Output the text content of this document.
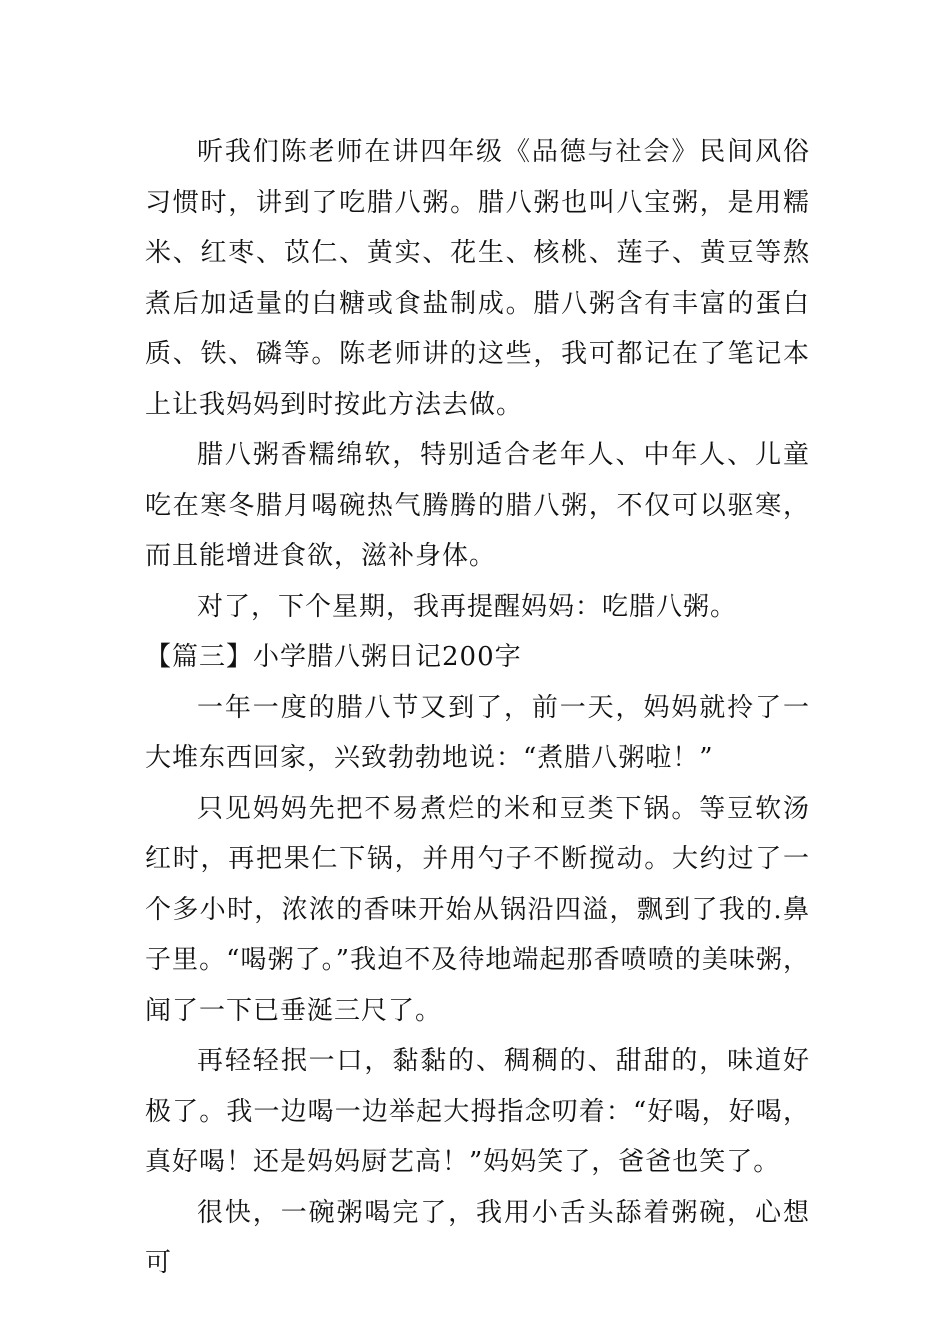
听我们陈老师在讲四年级《品德与社会》民间风俗习惯时，讲到了吃腊八粥。腊八粥也叫八宝粥，是用糯米、红枣、苡仁、黄实、花生、核桃、莲子、黄豆等熬煮后加适量的白糖或食盐制成。腊八粥含有丰富的蛋白质、铁、磷等。陈老师讲的这些，我可都记在了笔记本上让我妈妈到时按此方法去做。

腊八粥香糯绵软，特别适合老年人、中年人、儿童吃在寒冬腊月喝碗热气腾腾的腊八粥，不仅可以驱寒，而且能增进食欲，滋补身体。

对了，下个星期，我再提醒妈妈：吃腊八粥。

【篇三】小学腊八粥日记200字

一年一度的腊八节又到了，前一天，妈妈就拎了一大堆东西回家，兴致勃勃地说：“煮腊八粥啦！”

只见妈妈先把不易煮烂的米和豆类下锅。等豆软汤红时，再把果仁下锅，并用勺子不断搅动。大约过了一个多小时，浓浓的香味开始从锅沿四溢，飘到了我的.鼻子里。“喝粥了。”我迫不及待地端起那香喷喷的美味粥，闻了一下已垂涎三尺了。

再轻轻抿一口，黏黏的、稠稠的、甜甜的，味道好极了。我一边喝一边举起大拇指念叨着：“好喝，好喝，真好喝！还是妈妈厨艺高！”妈妈笑了，爸爸也笑了。

很快，一碗粥喝完了，我用小舌头舔着粥碗，心想可
